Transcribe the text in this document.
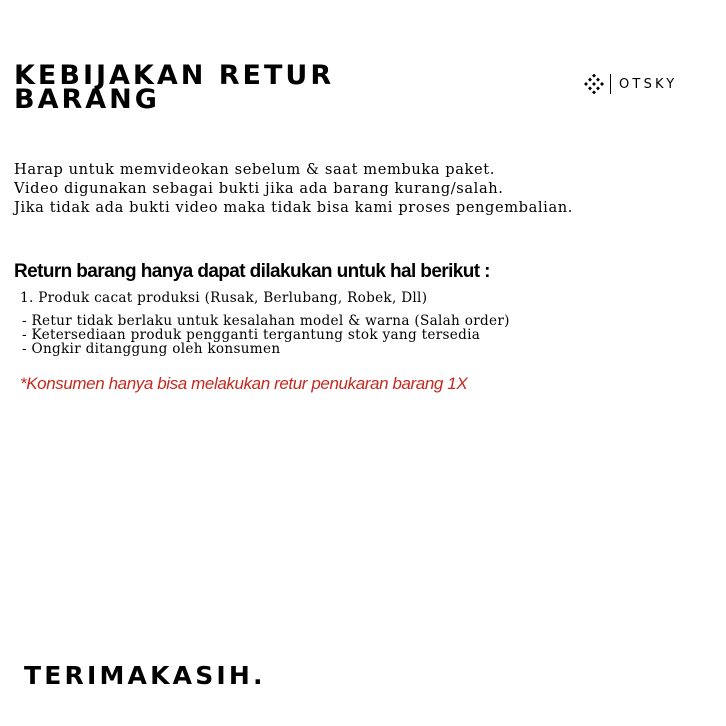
KEBIJAKAN RETUR
BARANG	OTSKY
Harap untuk memvideokan sebelum & saat membuka paket.
Video digunakan sebagai bukti jika ada barang kurang/salah.
Jika tidak ada bukti video maka tidak bisa kami proses pengembalian.
Return barang hanya dapat dilakukan untuk hal berikut :
1. Produk cacat produksi (Rusak, Berlubang, Robek, Dll)
- Retur tidak berlaku untuk kesalahan model & warna (Salah order)
- Ketersediaan produk pengganti tergantung stok yang tersedia
- Ongkir ditanggung oleh konsumen
*Konsumen hanya bisa melakukan retur penukaran barang 1X
TERIMAKASIH.
